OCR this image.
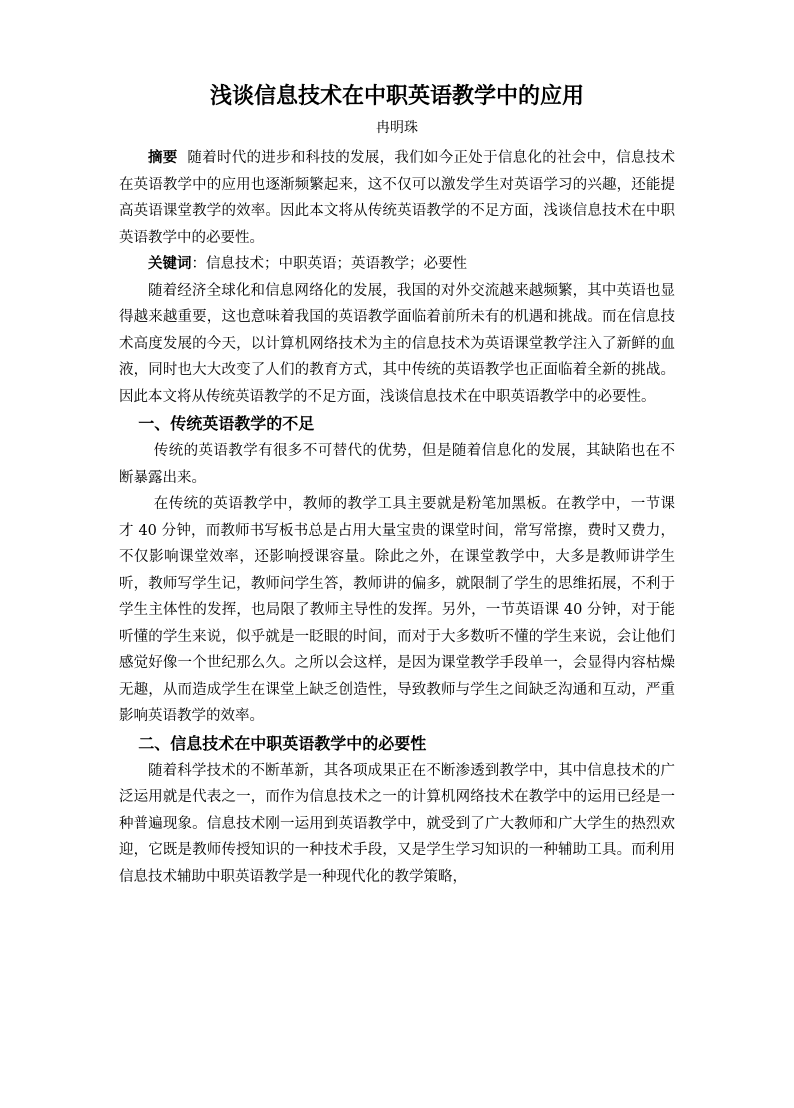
浅谈信息技术在中职英语教学中的应用
冉明珠

摘要 随着时代的进步和科技的发展，我们如今正处于信息化的社会中，信息技术在英语教学中的应用也逐渐频繁起来，这不仅可以激发学生对英语学习的兴趣，还能提高英语课堂教学的效率。因此本文将从传统英语教学的不足方面，浅谈信息技术在中职英语教学中的必要性。

关键词：信息技术；中职英语；英语教学；必要性

随着经济全球化和信息网络化的发展，我国的对外交流越来越频繁，其中英语也显得越来越重要，这也意味着我国的英语教学面临着前所未有的机遇和挑战。而在信息技术高度发展的今天，以计算机网络技术为主的信息技术为英语课堂教学注入了新鲜的血液，同时也大大改变了人们的教育方式，其中传统的英语教学也正面临着全新的挑战。因此本文将从传统英语教学的不足方面，浅谈信息技术在中职英语教学中的必要性。

一、传统英语教学的不足

传统的英语教学有很多不可替代的优势，但是随着信息化的发展，其缺陷也在不断暴露出来。

在传统的英语教学中，教师的教学工具主要就是粉笔加黑板。在教学中，一节课才 40 分钟，而教师书写板书总是占用大量宝贵的课堂时间，常写常擦，费时又费力，不仅影响课堂效率，还影响授课容量。除此之外，在课堂教学中，大多是教师讲学生听，教师写学生记，教师问学生答，教师讲的偏多，就限制了学生的思维拓展，不利于学生主体性的发挥，也局限了教师主导性的发挥。另外，一节英语课 40 分钟，对于能听懂的学生来说，似乎就是一眨眼的时间，而对于大多数听不懂的学生来说，会让他们感觉好像一个世纪那么久。之所以会这样，是因为课堂教学手段单一，会显得内容枯燥无趣，从而造成学生在课堂上缺乏创造性，导致教师与学生之间缺乏沟通和互动，严重影响英语教学的效率。

二、信息技术在中职英语教学中的必要性

随着科学技术的不断革新，其各项成果正在不断渗透到教学中，其中信息技术的广泛运用就是代表之一，而作为信息技术之一的计算机网络技术在教学中的运用已经是一种普遍现象。信息技术刚一运用到英语教学中，就受到了广大教师和广大学生的热烈欢迎，它既是教师传授知识的一种技术手段，又是学生学习知识的一种辅助工具。而利用信息技术辅助中职英语教学是一种现代化的教学策略，
